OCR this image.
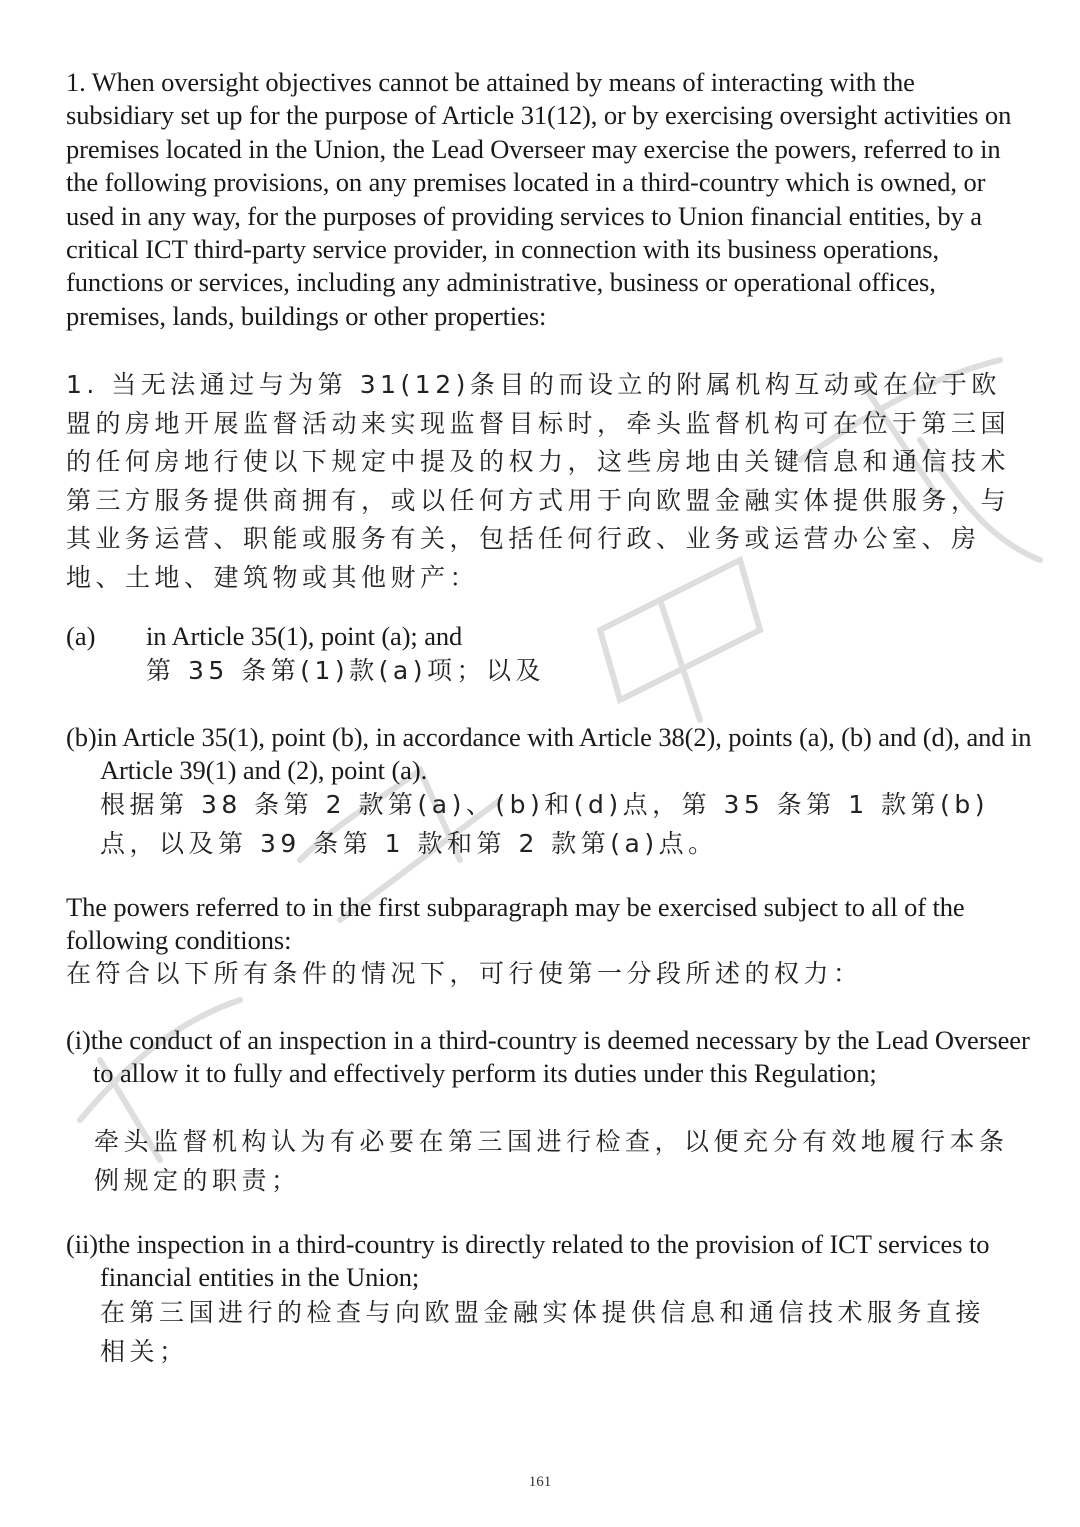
1. When oversight objectives cannot be attained by means of interacting with the subsidiary set up for the purpose of Article 31(12), or by exercising oversight activities on premises located in the Union, the Lead Overseer may exercise the powers, referred to in the following provisions, on any premises located in a third-country which is owned, or used in any way, for the purposes of providing services to Union financial entities, by a critical ICT third-party service provider, in connection with its business operations, functions or services, including any administrative, business or operational offices, premises, lands, buildings or other properties:

1. 当无法通过与为第 31(12)条目的而设立的附属机构互动或在位于欧盟的房地开展监督活动来实现监督目标时，牵头监督机构可在位于第三国的任何房地行使以下规定中提及的权力，这些房地由关键信息和通信技术第三方服务提供商拥有，或以任何方式用于向欧盟金融实体提供服务，与其业务运营、职能或服务有关，包括任何行政、业务或运营办公室、房地、土地、建筑物或其他财产：

(a) in Article 35(1), point (a); and

第 35 条第(1)款(a)项；以及

(b)in Article 35(1), point (b), in accordance with Article 38(2), points (a), (b) and (d), and in Article 39(1) and (2), point (a).

根据第 38 条第 2 款第(a)、(b)和(d)点，第 35 条第 1 款第(b)点，以及第 39 条第 1 款和第 2 款第(a)点。

The powers referred to in the first subparagraph may be exercised subject to all of the following conditions:

在符合以下所有条件的情况下，可行使第一分段所述的权力：

(i)the conduct of an inspection in a third-country is deemed necessary by the Lead Overseer to allow it to fully and effectively perform its duties under this Regulation;

牵头监督机构认为有必要在第三国进行检查，以便充分有效地履行本条例规定的职责；

(ii)the inspection in a third-country is directly related to the provision of ICT services to financial entities in the Union;

在第三国进行的检查与向欧盟金融实体提供信息和通信技术服务直接相关；

161
